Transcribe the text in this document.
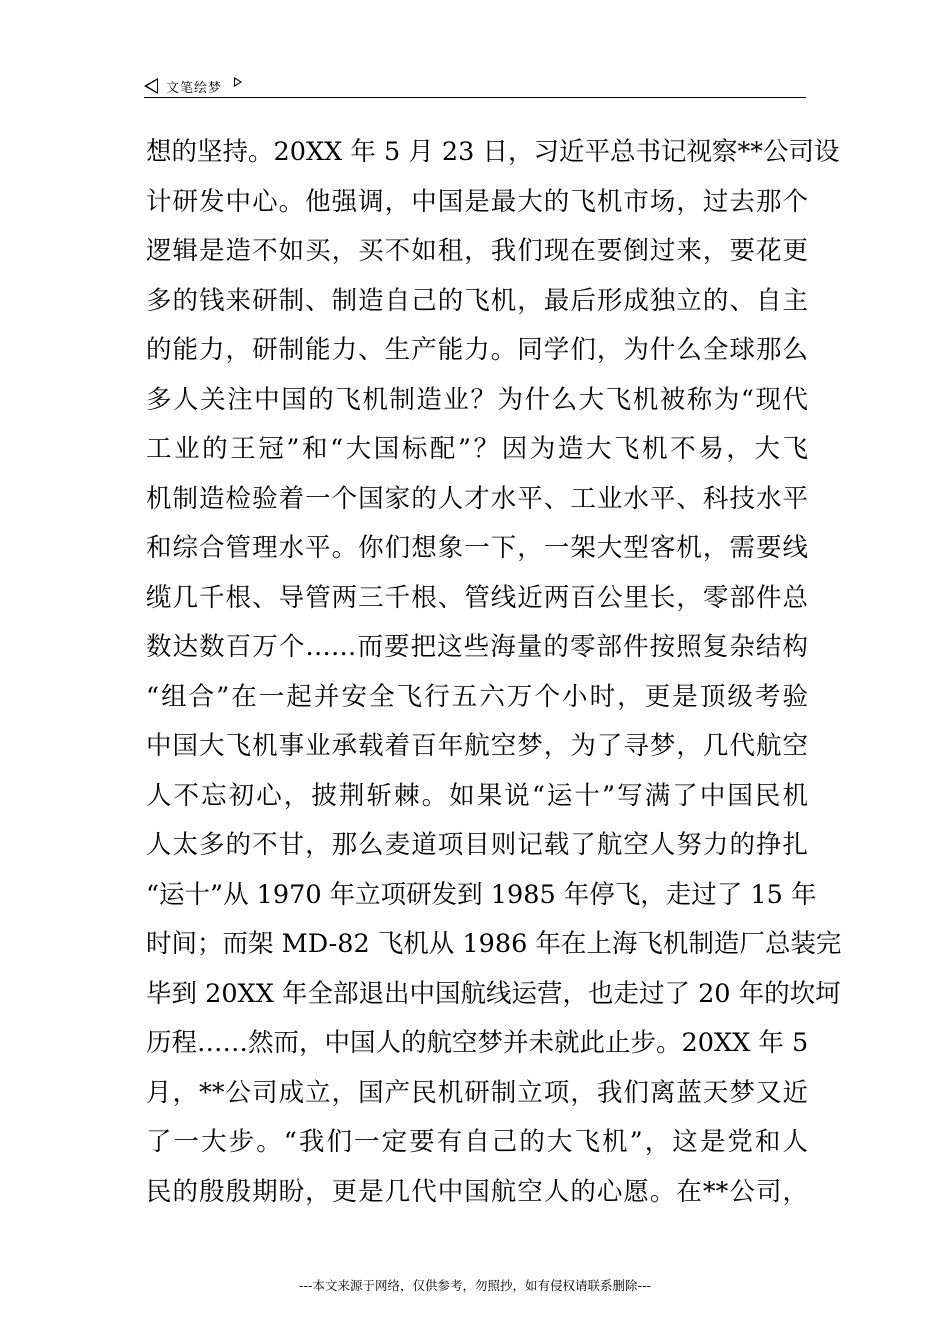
文笔绘梦
想的坚持。20XX 年 5 月 23 日，习近平总书记视察**公司设
计研发中心。他强调，中国是最大的飞机市场，过去那个
逻辑是造不如买，买不如租，我们现在要倒过来，要花更
多的钱来研制、制造自己的飞机，最后形成独立的、自主
的能力，研制能力、生产能力。同学们，为什么全球那么
多人关注中国的飞机制造业？为什么大飞机被称为“现代
工业的王冠”和“大国标配”？因为造大飞机不易，大飞
机制造检验着一个国家的人才水平、工业水平、科技水平
和综合管理水平。你们想象一下，一架大型客机，需要线
缆几千根、导管两三千根、管线近两百公里长，零部件总
数达数百万个……而要把这些海量的零部件按照复杂结构
“组合”在一起并安全飞行五六万个小时，更是顶级考验
中国大飞机事业承载着百年航空梦，为了寻梦，几代航空
人不忘初心，披荆斩棘。如果说“运十”写满了中国民机
人太多的不甘，那么麦道项目则记载了航空人努力的挣扎
“运十”从 1970 年立项研发到 1985 年停飞，走过了 15 年
时间；而架 MD-82 飞机从 1986 年在上海飞机制造厂总装完
毕到 20XX 年全部退出中国航线运营，也走过了 20 年的坎坷
历程……然而，中国人的航空梦并未就此止步。20XX 年 5
月，**公司成立，国产民机研制立项，我们离蓝天梦又近
了一大步。“我们一定要有自己的大飞机”，这是党和人
民的殷殷期盼，更是几代中国航空人的心愿。在**公司，
---本文来源于网络，仅供参考，勿照抄，如有侵权请联系删除---
